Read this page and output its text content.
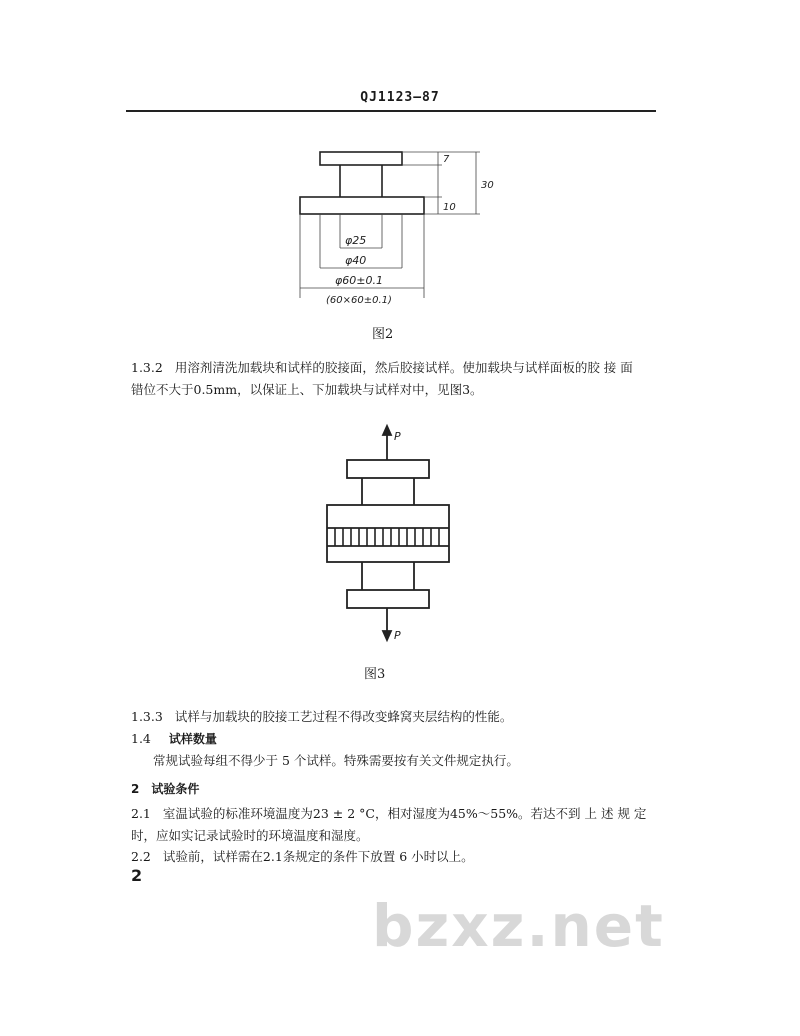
QJ1123—87
7
30
10
φ25
φ40
φ60±0.1
(60×60±0.1)
图2
1.3.2 用溶剂清洗加载块和试样的胶接面，然后胶接试样。使加载块与试样面板的胶 接 面
错位不大于0.5mm，以保证上、下加载块与试样对中，见图3。
P
P
图3
1.3.3 试样与加载块的胶接工艺过程不得改变蜂窝夹层结构的性能。
1.4 试样数量
常规试验每组不得少于 5 个试样。特殊需要按有关文件规定执行。
2 试验条件
2.1 室温试验的标准环境温度为23 ± 2 °C，相对湿度为45%～55%。若达不到 上 述 规 定
时，应如实记录试验时的环境温度和湿度。
2.2 试验前，试样需在2.1条规定的条件下放置 6 小时以上。
2
bzxz.net
